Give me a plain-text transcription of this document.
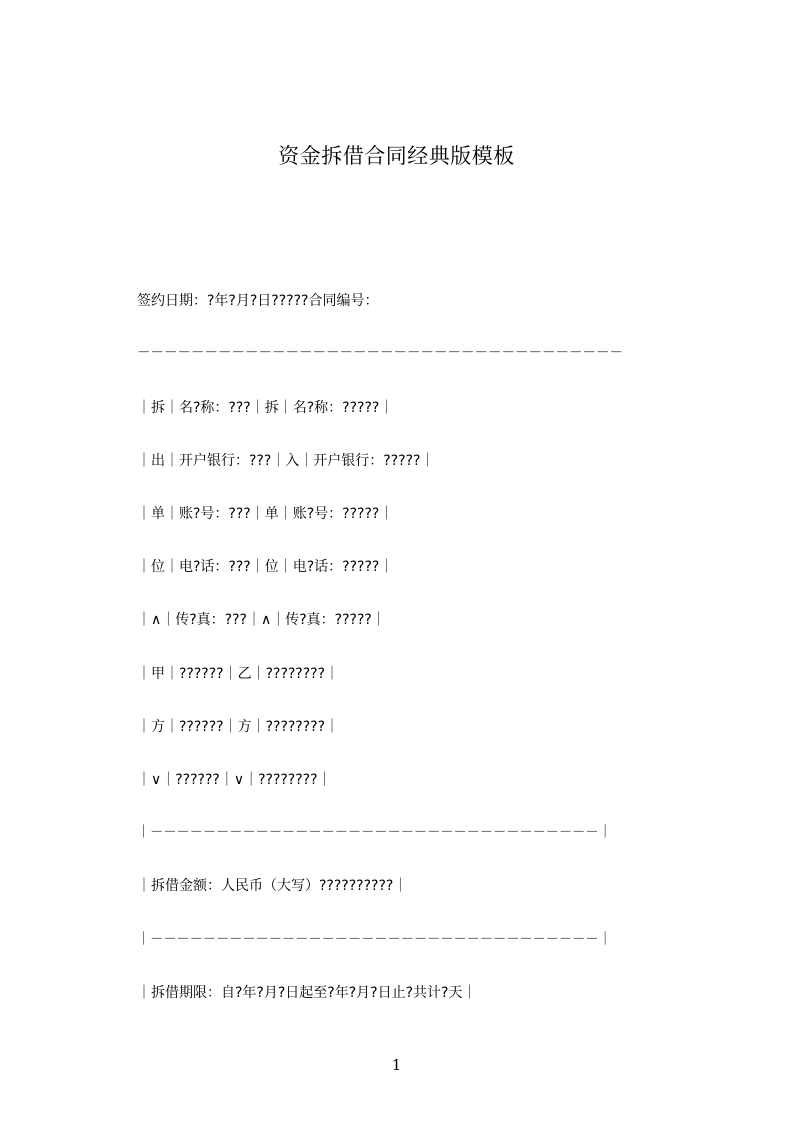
资金拆借合同经典版模板
签约日期：?年?月?日?????合同编号：
－－－－－－－－－－－－－－－－－－－－－－－－－－－－－－－－－－－－
｜拆｜名?称：???｜拆｜名?称：?????｜
｜出｜开户银行：???｜入｜开户银行：?????｜
｜单｜账?号：???｜单｜账?号：?????｜
｜位｜电?话：???｜位｜电?话：?????｜
｜∧｜传?真：???｜∧｜传?真：?????｜
｜甲｜??????｜乙｜????????｜
｜方｜??????｜方｜????????｜
｜∨｜??????｜∨｜????????｜
｜－－－－－－－－－－－－－－－－－－－－－－－－－－－－－－－－－－｜
｜拆借金额：人民币（大写）??????????｜
｜－－－－－－－－－－－－－－－－－－－－－－－－－－－－－－－－－－｜
｜拆借期限：自?年?月?日起至?年?月?日止?共计?天｜
1
